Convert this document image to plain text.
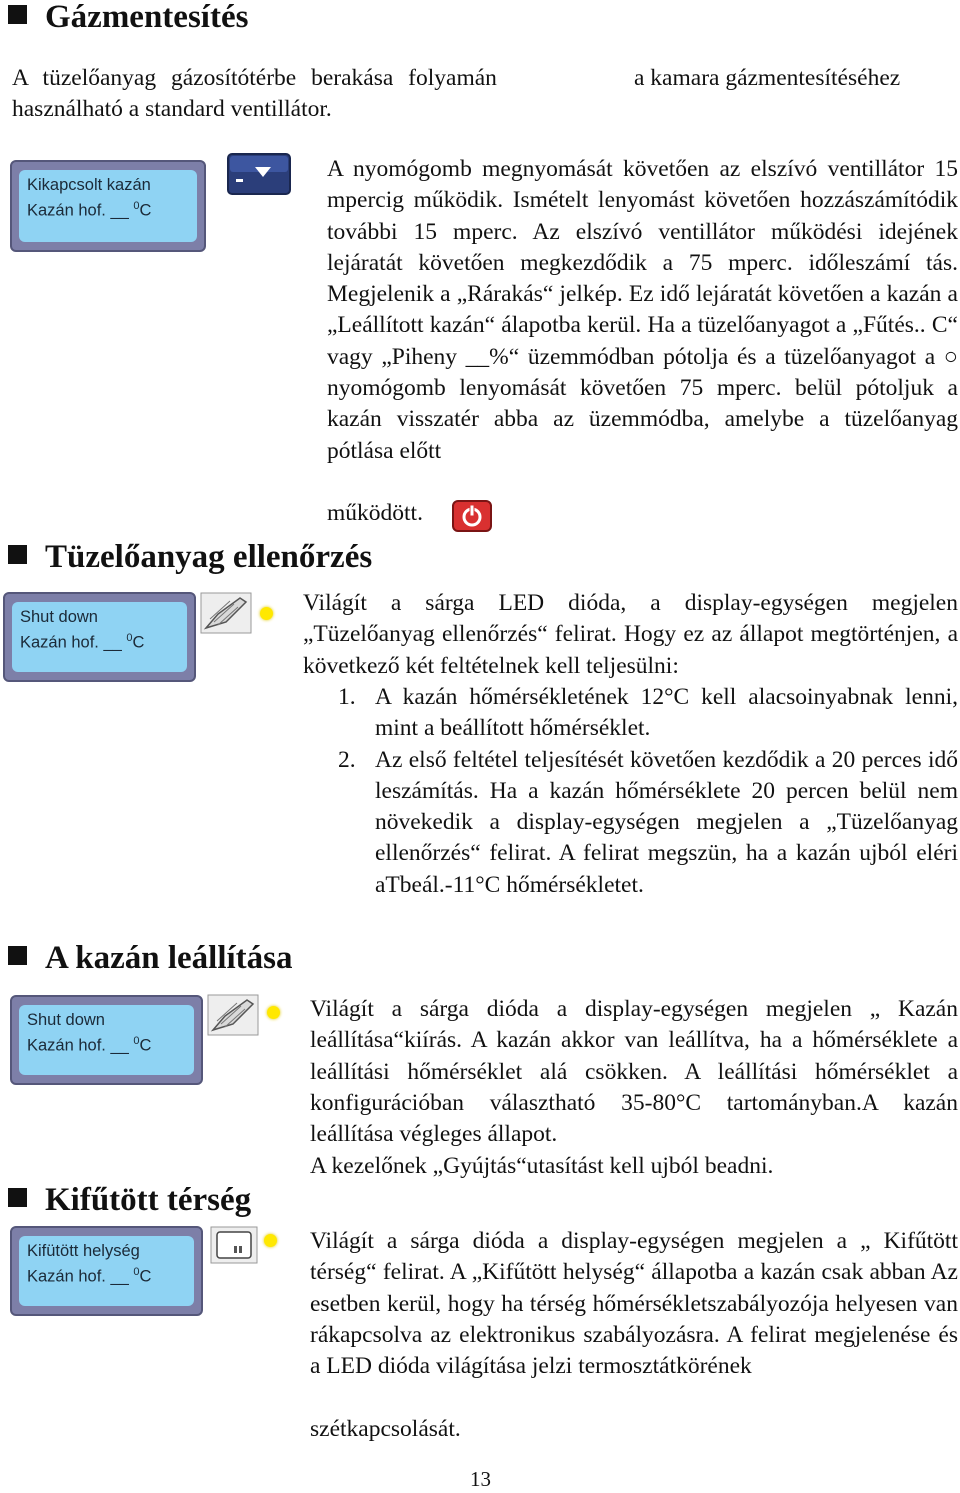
Gázmentesítés
A tüzelőanyag gázosítótérbe berakása folyamán	a kamara gázmentesítéséhez
használható a standard ventillátor.
Kikapcsolt kazán
Kazán hof. __ $^0$C

A nyomógomb megnyomását követően az elszívó ventillátor 15 mpercig működik. Ismételt lenyomást követően hozzászámítódik további 15 mperc. Az elszívó ventillátor működési idejének lejáratát követően megkezdődik a 75 mperc. időleszámí tás. Megjelenik a „Rárakás“ jelkép. Ez idő lejáratát követően a kazán a „Leállított kazán“ álapotba kerül. Ha a tüzelőanyagot a „Fűtés.. C“ vagy „Piheny __%“ üzemmódban pótolja és a tüzelőanyagot a ○ nyomógomb lenyomását követően 75 mperc. belül pótoljuk a kazán visszatér abba az üzemmódba, amelybe a tüzelőanyag pótlása előtt

működött.
Tüzelőanyag ellenőrzés
Shut down
Kazán hof. __ $^0$C

Világít a sárga LED dióda, a display-egységen megjelen „Tüzelőanyag ellenőrzés“ felirat. Hogy ez az állapot megtörténjen, a következő két feltételnek kell teljesülni:

1. A kazán hőmérsékletének 12°C kell alacsoinyabnak lenni, mint a beállított hőmérséklet.
2. Az első feltétel teljesítését követően kezdődik a 20 perces idő leszámítás. Ha a kazán hőmérséklete 20 percen belül nem növekedik a display-egységen megjelen a „Tüzelőanyag ellenőrzés“ felirat. A felirat megszün, ha a kazán ujból eléri aTbeál.-11°C hőmérsékletet.
A kazán leállítása
Shut down
Kazán hof. __ $^0$C

Világít a sárga dióda a display-egységen megjelen „ Kazán leállítása“kiírás. A kazán akkor van leállítva, ha a hőmérséklete a leállítási hőmérséklet alá csökken. A leállítási hőmérséklet a konfigurációban választható 35-80°C tartományban.A kazán leállítása végleges állapot.

A kezelőnek „Gyújtás“utasítást kell ujból beadni.
Kifűtött térség
Kifütött helység
Kazán hof. __ $^0$C

Világít a sárga dióda a display-egységen megjelen a „ Kifűtött térség“ felirat. A „Kifűtött helység“ állapotba a kazán csak abban Az esetben kerül, hogy ha térség hőmérsékletszabályozója helyesen van rákapcsolva az elektronikus szabályozásra. A felirat megjelenése és a LED dióda világítása jelzi termosztátkörének

szétkapcsolását.
13
